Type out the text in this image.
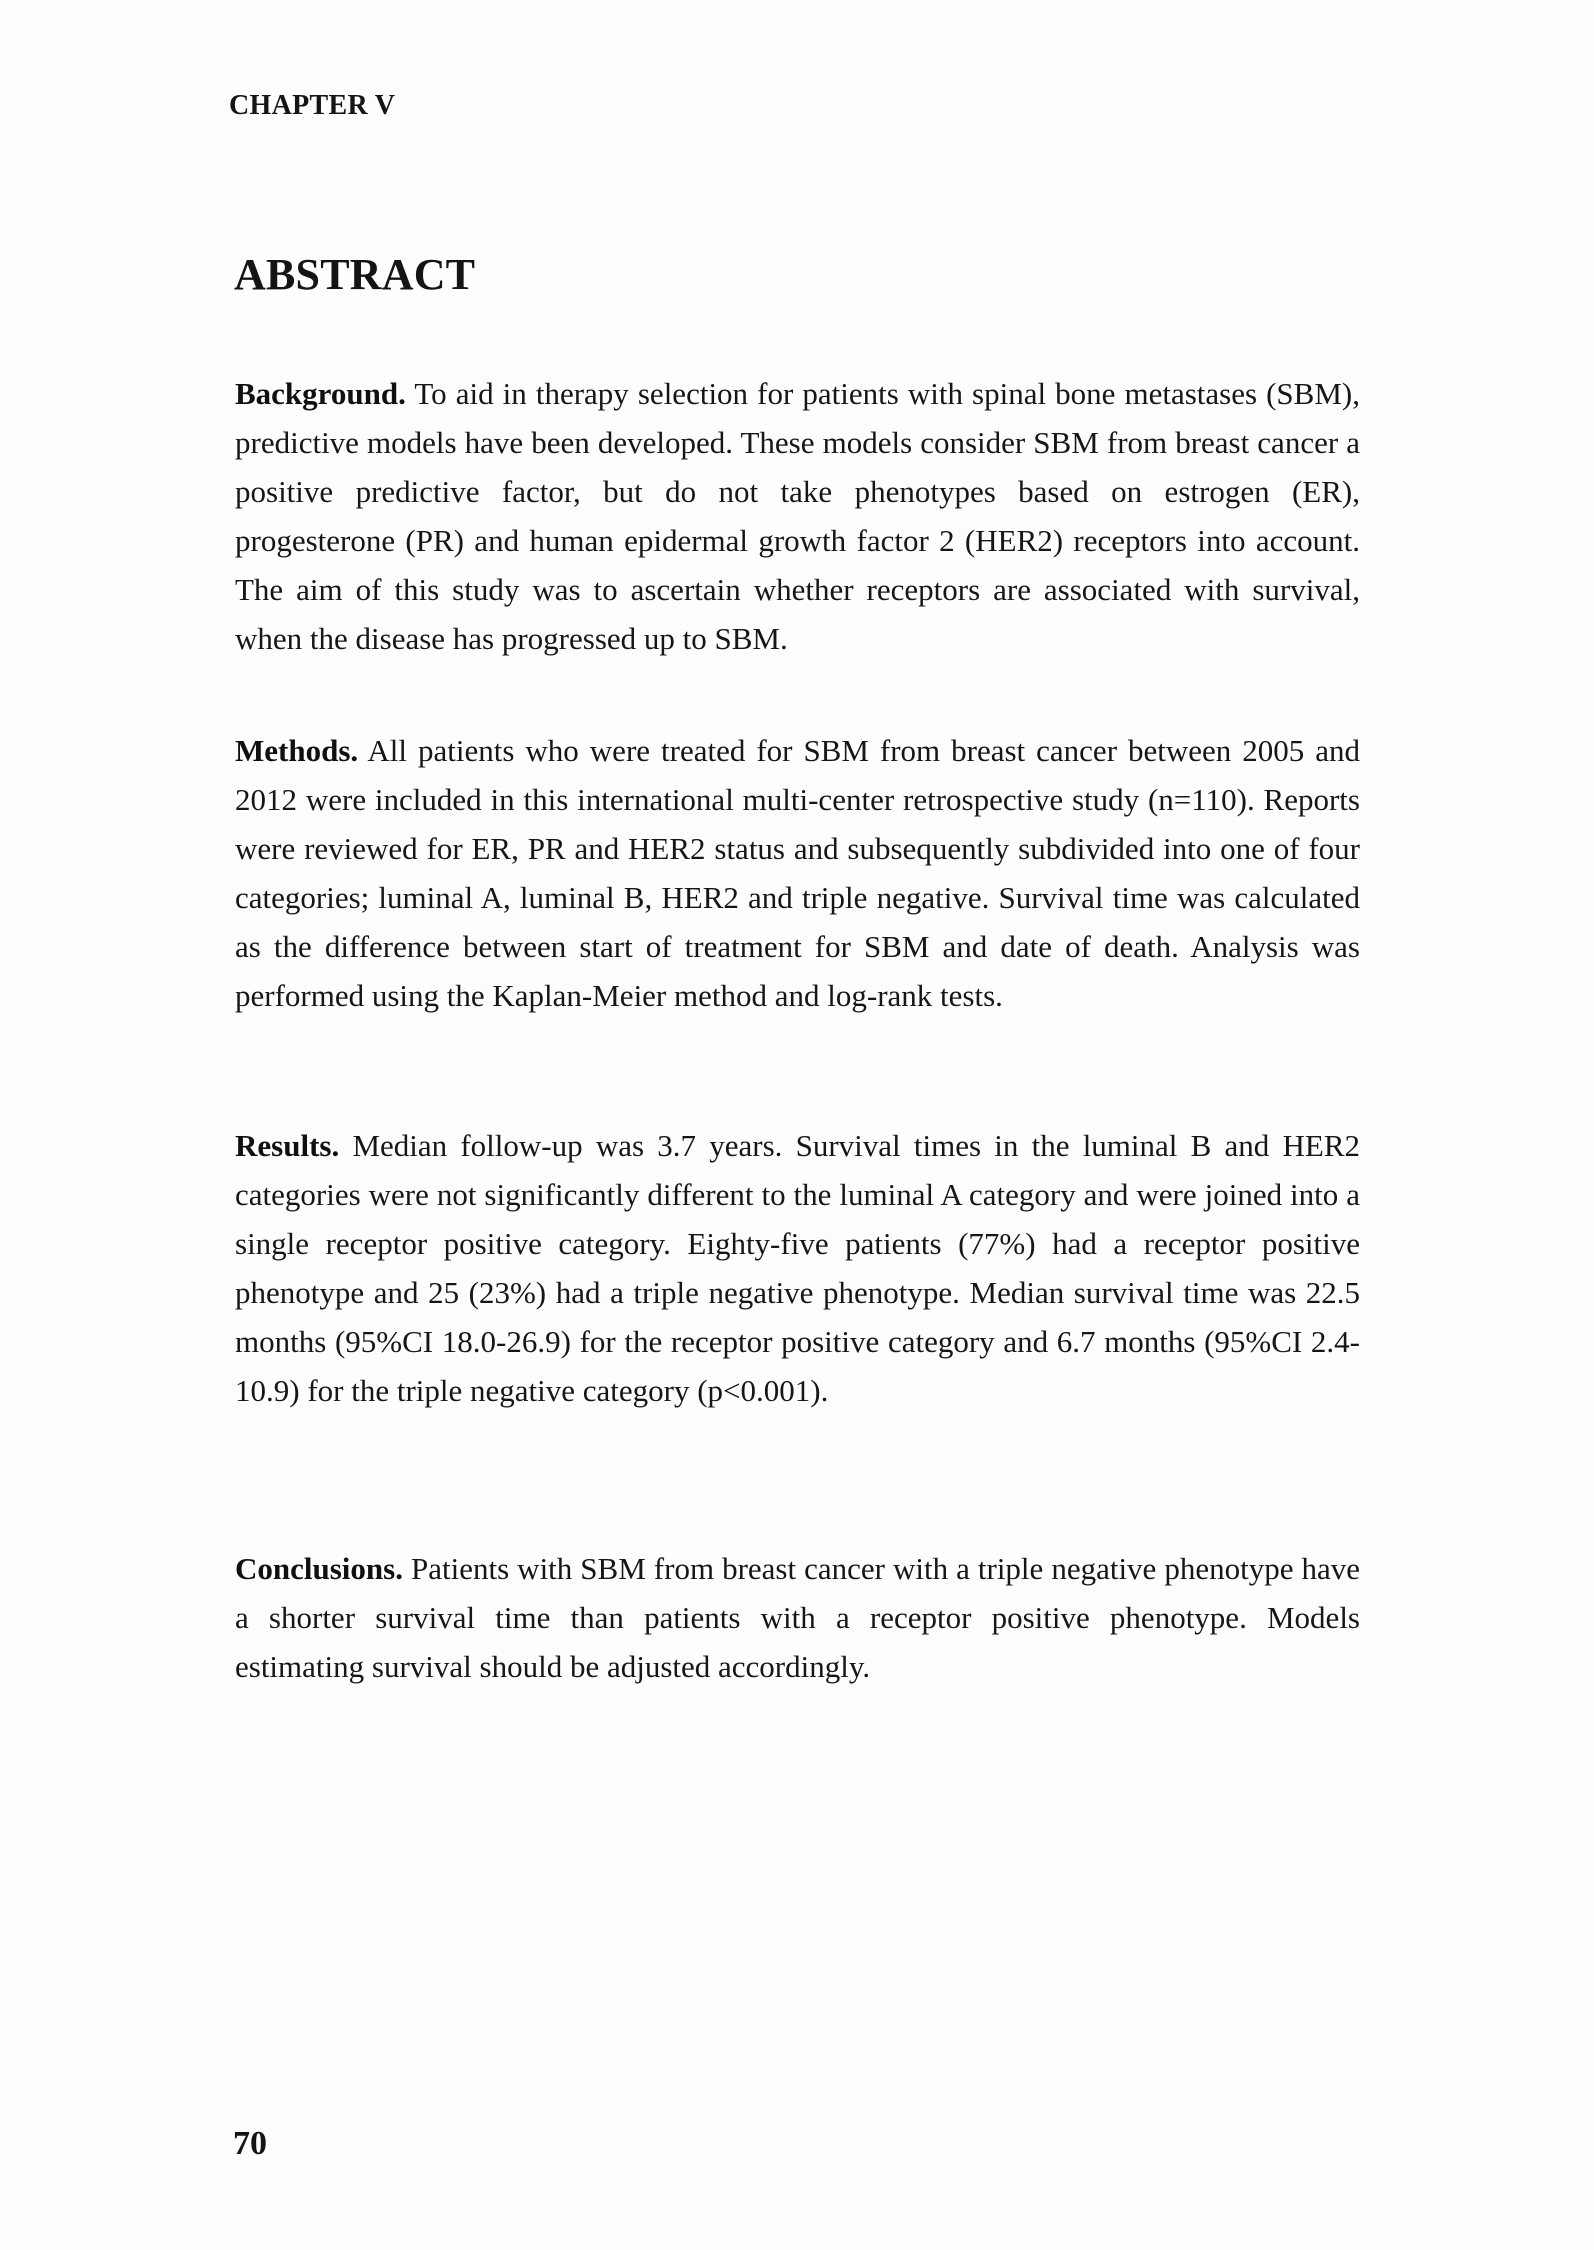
CHAPTER V
ABSTRACT

Background. To aid in therapy selection for patients with spinal bone metastases (SBM), predictive models have been developed. These models consider SBM from breast cancer a positive predictive factor, but do not take phenotypes based on estrogen (ER), progesterone (PR) and human epidermal growth factor 2 (HER2) receptors into account. The aim of this study was to ascertain whether receptors are associated with survival, when the disease has progressed up to SBM.

Methods. All patients who were treated for SBM from breast cancer between 2005 and 2012 were included in this international multi-center retrospective study (n=110). Reports were reviewed for ER, PR and HER2 status and subsequently subdivided into one of four categories; luminal A, luminal B, HER2 and triple negative. Survival time was calculated as the difference between start of treatment for SBM and date of death. Analysis was performed using the Kaplan-Meier method and log-rank tests.

Results. Median follow-up was 3.7 years. Survival times in the luminal B and HER2 categories were not significantly different to the luminal A category and were joined into a single receptor positive category. Eighty-five patients (77%) had a receptor positive phenotype and 25 (23%) had a triple negative phenotype. Median survival time was 22.5 months (95%CI 18.0-26.9) for the receptor positive category and 6.7 months (95%CI 2.4-10.9) for the triple negative category (p<0.001).

Conclusions. Patients with SBM from breast cancer with a triple negative phenotype have a shorter survival time than patients with a receptor positive phenotype. Models estimating survival should be adjusted accordingly.

70
